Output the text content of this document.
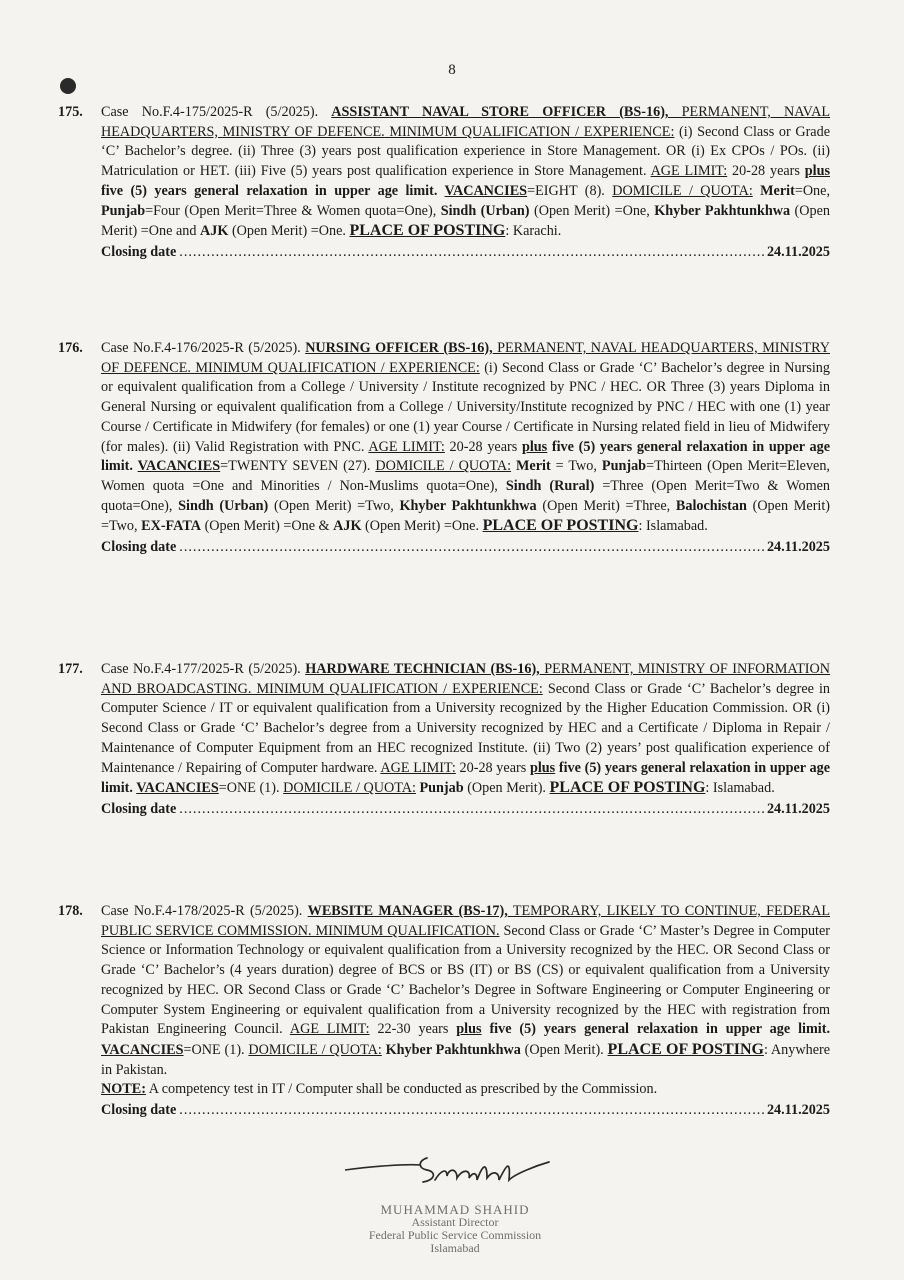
8
175. Case No.F.4-175/2025-R (5/2025). ASSISTANT NAVAL STORE OFFICER (BS-16), PERMANENT, NAVAL HEADQUARTERS, MINISTRY OF DEFENCE. MINIMUM QUALIFICATION / EXPERIENCE: (i) Second Class or Grade ‘C’ Bachelor’s degree. (ii) Three (3) years post qualification experience in Store Management. OR (i) Ex CPOs / POs. (ii) Matriculation or HET. (iii) Five (5) years post qualification experience in Store Management. AGE LIMIT: 20-28 years plus five (5) years general relaxation in upper age limit. VACANCIES=EIGHT (8). DOMICILE / QUOTA: Merit=One, Punjab=Four (Open Merit=Three & Women quota=One), Sindh (Urban) (Open Merit) =One, Khyber Pakhtunkhwa (Open Merit) =One and AJK (Open Merit) =One. PLACE OF POSTING: Karachi.
Closing date .....	24.11.2025
176. Case No.F.4-176/2025-R (5/2025). NURSING OFFICER (BS-16), PERMANENT, NAVAL HEADQUARTERS, MINISTRY OF DEFENCE. MINIMUM QUALIFICATION / EXPERIENCE: (i) Second Class or Grade ‘C’ Bachelor’s degree in Nursing or equivalent qualification from a College / University / Institute recognized by PNC / HEC. OR Three (3) years Diploma in General Nursing or equivalent qualification from a College / University/Institute recognized by PNC / HEC with one (1) year Course / Certificate in Midwifery (for females) or one (1) year Course / Certificate in Nursing related field in lieu of Midwifery (for males). (ii) Valid Registration with PNC. AGE LIMIT: 20-28 years plus five (5) years general relaxation in upper age limit. VACANCIES=TWENTY SEVEN (27). DOMICILE / QUOTA: Merit = Two, Punjab=Thirteen (Open Merit=Eleven, Women quota =One and Minorities / Non-Muslims quota=One), Sindh (Rural) =Three (Open Merit=Two & Women quota=One), Sindh (Urban) (Open Merit) =Two, Khyber Pakhtunkhwa (Open Merit) =Three, Balochistan (Open Merit) =Two, EX-FATA (Open Merit) =One & AJK (Open Merit) =One. PLACE OF POSTING: Islamabad.
Closing date .....	24.11.2025
177. Case No.F.4-177/2025-R (5/2025). HARDWARE TECHNICIAN (BS-16), PERMANENT, MINISTRY OF INFORMATION AND BROADCASTING. MINIMUM QUALIFICATION / EXPERIENCE: Second Class or Grade ‘C’ Bachelor’s degree in Computer Science / IT or equivalent qualification from a University recognized by the Higher Education Commission. OR (i) Second Class or Grade ‘C’ Bachelor’s degree from a University recognized by HEC and a Certificate / Diploma in Repair / Maintenance of Computer Equipment from an HEC recognized Institute. (ii) Two (2) years’ post qualification experience of Maintenance / Repairing of Computer hardware. AGE LIMIT: 20-28 years plus five (5) years general relaxation in upper age limit. VACANCIES=ONE (1). DOMICILE / QUOTA: Punjab (Open Merit). PLACE OF POSTING: Islamabad.
Closing date .....	24.11.2025
178. Case No.F.4-178/2025-R (5/2025). WEBSITE MANAGER (BS-17), TEMPORARY, LIKELY TO CONTINUE, FEDERAL PUBLIC SERVICE COMMISSION. MINIMUM QUALIFICATION. Second Class or Grade ‘C’ Master’s Degree in Computer Science or Information Technology or equivalent qualification from a University recognized by the HEC. OR Second Class or Grade ‘C’ Bachelor’s (4 years duration) degree of BCS or BS (IT) or BS (CS) or equivalent qualification from a University recognized by HEC. OR Second Class or Grade ‘C’ Bachelor’s Degree in Software Engineering or Computer Engineering or Computer System Engineering or equivalent qualification from a University recognized by the HEC with registration from Pakistan Engineering Council. AGE LIMIT: 22-30 years plus five (5) years general relaxation in upper age limit. VACANCIES=ONE (1). DOMICILE / QUOTA: Khyber Pakhtunkhwa (Open Merit). PLACE OF POSTING: Anywhere in Pakistan.
NOTE: A competency test in IT / Computer shall be conducted as prescribed by the Commission.
Closing date .....	24.11.2025
MUHAMMAD SHAHID
Assistant Director
Federal Public Service Commission
Islamabad
